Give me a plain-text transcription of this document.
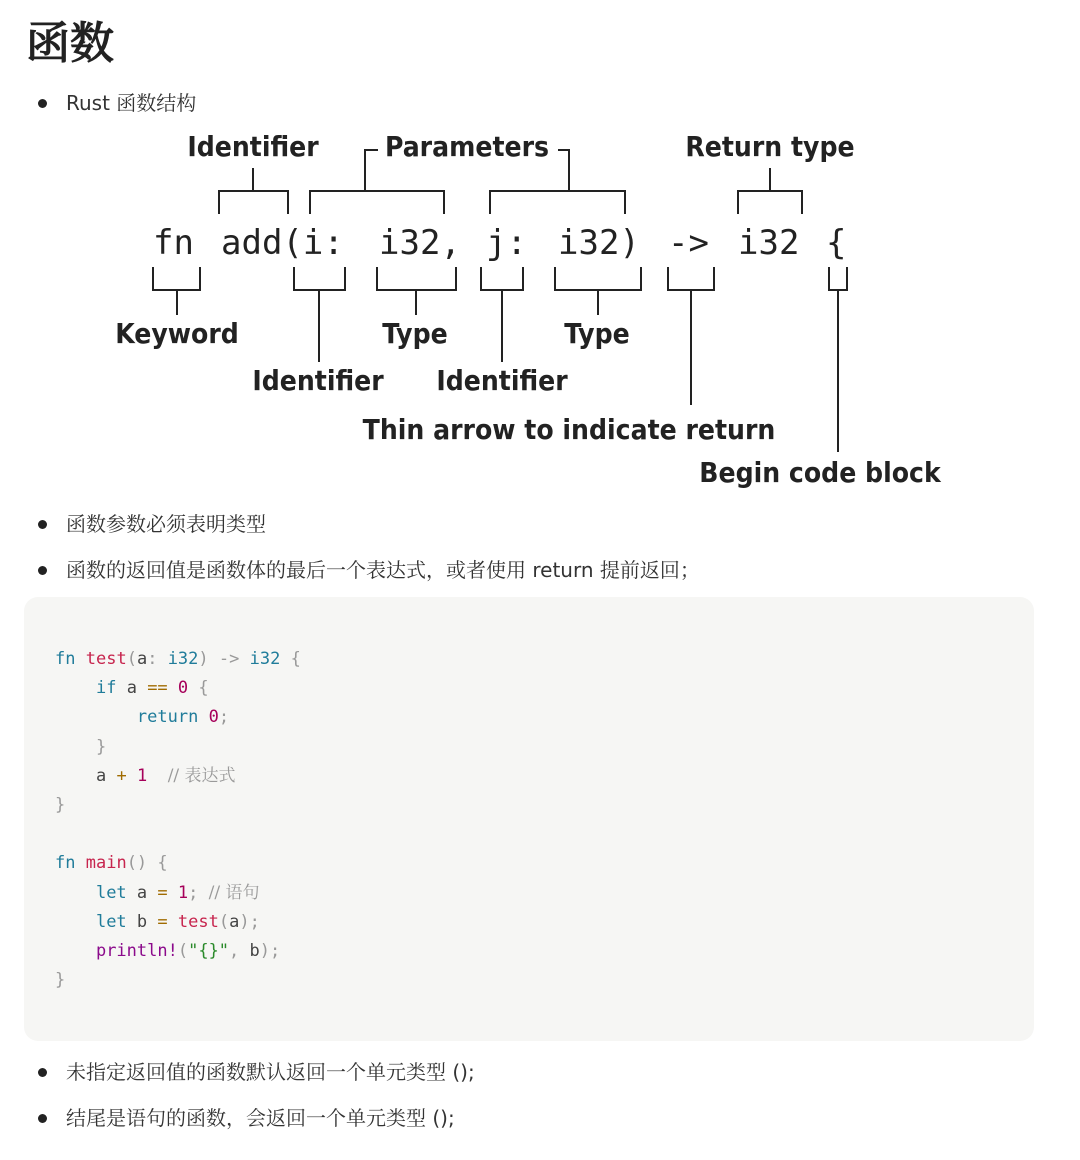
函数
Rust 函数结构
fn add(i: i32, j: i32) -> i32 {
Identifier Parameters	Return type
Keyword	Type	Type
Identifier Identifier
Thin arrow to indicate return
Begin code block
函数参数必须表明类型
函数的返回值是函数体的最后一个表达式，或者使用 return 提前返回；
fn test(a: i32) -> i32 {
if a == 0 {
return 0;
}
a + 1 // 表达式
}

fn main() {
let a = 1; // 语句
let b = test(a);
println!("{}", b);
}
未指定返回值的函数默认返回一个单元类型 ();
结尾是语句的函数，会返回一个单元类型 ();
